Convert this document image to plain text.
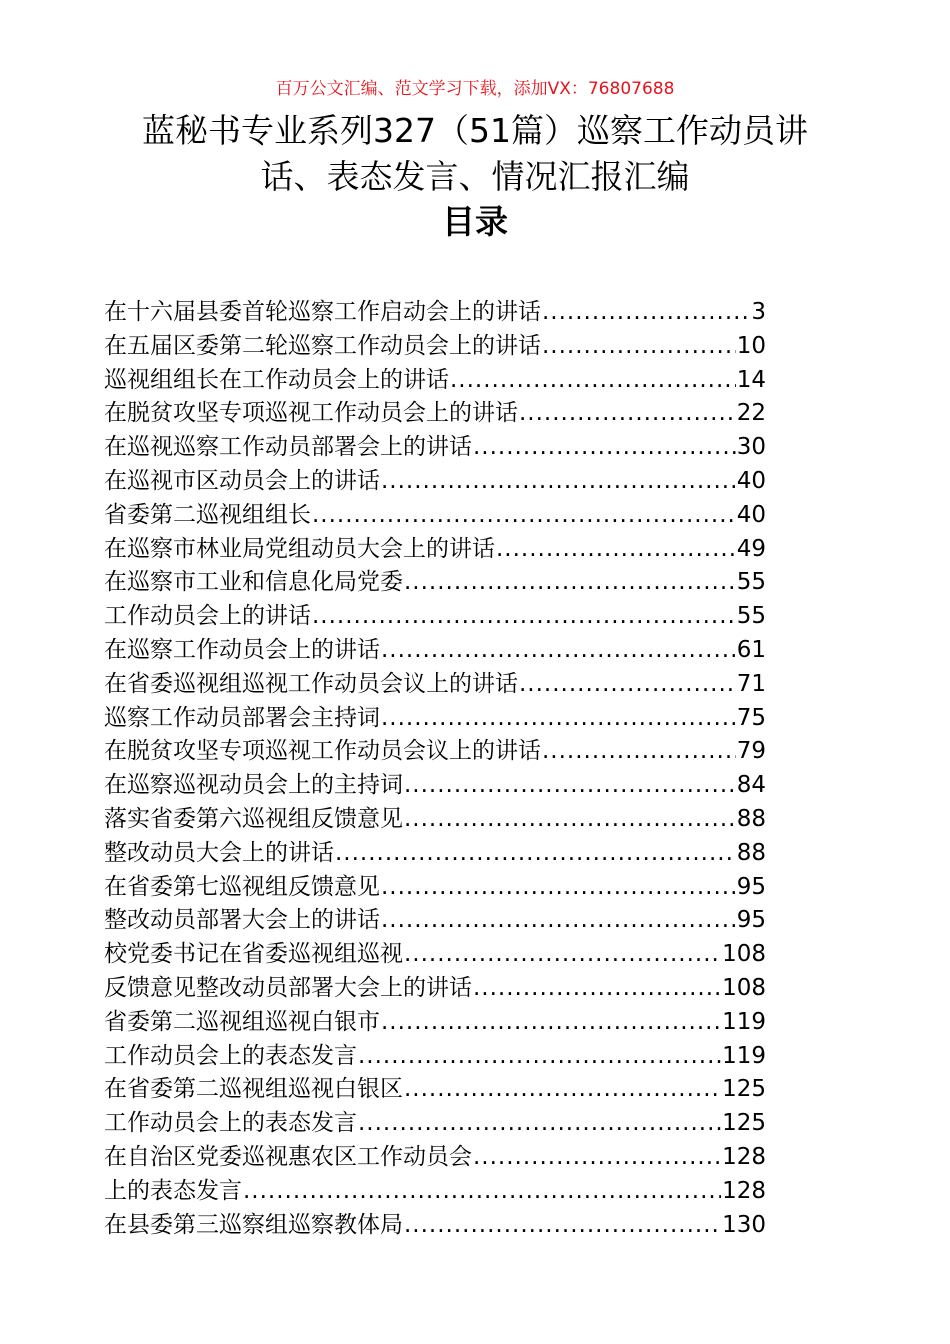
百万公文汇编、范文学习下载，添加VX：76807688
蓝秘书专业系列327（51篇）巡察工作动员讲
话、表态发言、情况汇报汇编
目录
在十六届县委首轮巡察工作启动会上的讲话 .....	3
在五届区委第二轮巡察工作动员会上的讲话 .....	10
巡视组组长在工作动员会上的讲话 .....	14
在脱贫攻坚专项巡视工作动员会上的讲话 .....	22
在巡视巡察工作动员部署会上的讲话 .....	30
在巡视市区动员会上的讲话 .....	40
省委第二巡视组组长 .....	40
在巡察市林业局党组动员大会上的讲话 .....	49
在巡察市工业和信息化局党委 .....	55
工作动员会上的讲话 .....	55
在巡察工作动员会上的讲话 .....	61
在省委巡视组巡视工作动员会议上的讲话 .....	71
巡察工作动员部署会主持词 .....	75
在脱贫攻坚专项巡视工作动员会议上的讲话 .....	79
在巡察巡视动员会上的主持词 .....	84
落实省委第六巡视组反馈意见 .....	88
整改动员大会上的讲话 .....	88
在省委第七巡视组反馈意见 .....	95
整改动员部署大会上的讲话 .....	95
校党委书记在省委巡视组巡视 .....	108
反馈意见整改动员部署大会上的讲话 .....	108
省委第二巡视组巡视白银市 .....	119
工作动员会上的表态发言 .....	119
在省委第二巡视组巡视白银区 .....	125
工作动员会上的表态发言 .....	125
在自治区党委巡视惠农区工作动员会 .....	128
上的表态发言 .....	128
在县委第三巡察组巡察教体局 .....	130
